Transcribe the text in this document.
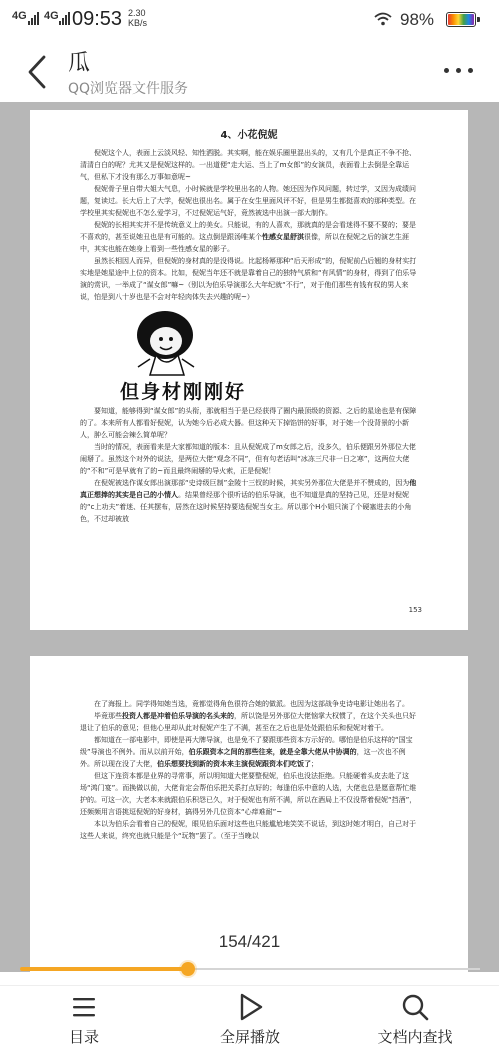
4G 4G 09:53 2.30
KB/s	98%
瓜
QQ浏览器文件服务
4、小花倪妮

倪妮这个人，表面上云淡风轻、知性洒脱。其实啊，能在娱乐圈里混出头的，又有几个是真正不争不抢、清清白白的呢？尤其又是倪妮这样的。一出道便“走大运、当上了m女郎”的女演员，表面看上去倒是全靠运气，但私下才没有那么万事如意呢~

倪妮骨子里自带大姐大气息，小时候就是学校里出名的人物。她还因为作风问题，转过学，又因为成绩问题，复读过。长大后上了大学，倪妮也很出名。属于在女生里面风评不好，但是男生都挺喜欢的那种类型。在学校里其实倪妮也不怎么爱学习，不过倪妮运气好，竟然被选中出演一部大制作。

倪妮的长相其实并不是传统意义上的美女。只能说，有的人喜欢，那就真的是会看迷得不要不要的；要是不喜欢的，甚至说她丑也是有可能的。这点倒是跟汤唯某个性感女星舒淇很像，所以在倪妮之后的演艺生涯中，其实也能在她身上看到一些性感女星的影子。

虽然长相因人而异，但倪妮的身材真的是没得说。比起杨幂那种“后天形成”的，倪妮前凸后翘的身材实打实地是她星途中上位的资本。比如，倪妮当年还不就是靠着自己的独特气质和“有风情”的身材，得到了伯乐导演的赏识，一举成了“谋女郎”嘛~（别以为伯乐导演那么大年纪就“不行”，对于他们那些有钱有权的男人来说，怕是到八十岁也是不会对年轻肉体失去兴趣的呢~）

但身材刚刚好

要知道，能够得到“谋女郎”的头衔，那就相当于是已经获得了圈内最顶级的资源、之后的星途也是有保障的了。本来所有人都看好倪妮，认为她今后必成大器。但这种天下掉馅饼的好事，对于她一个没背景的小新人，肿么可能会辣么简单呢？

当时的情况，表面看来是大家都知道的版本：且从倪妮成了m女郎之后，没多久，伯乐便跟另外那位大佬闹掰了。虽然这个对外的说法，是两位大佬“观念不同”，但有句老话叫“冰冻三尺非一日之寒”，这两位大佬的“不和”可是早就有了的~而且最终闹掰的导火索，正是倪妮！

在倪妮被选作谋女郎出演那部“史诗级巨制”金陵十三钗的时候，其实另外那位大佬是并不赞成的，因为他真正想捧的其实是自己的小情人。结果曾经那个很听话的伯乐导演，也不知道是真的坚持己见，还是对倪妮的“c上功夫”着迷、任其摆布，居然在这时候坚持要选倪妮当女主。所以那个H小姐只演了个硬塞进去的小角色，不过却被放

153

在了海报上。同学得知她当选，竟都觉得角色很符合她的做派。也因为这部战争史诗电影让她出名了。

毕竟那些投资人都是冲着伯乐导演的名头来的，所以饶是另外那位大佬恼掌大权惯了，在这个关头也只好退让了伯乐的意见；但他心里却从此对倪妮产生了不满，甚至在之后也是处处跟伯乐和倪妮对着干。

都知道在一部电影中，即使是再大牌导演，也是免不了要跟那些资本方示好的。哪怕是伯乐这样的“国宝级”导演也不例外。而从以前开始，伯乐跟资本之间的那些往来，就是全靠大佬从中协调的，这一次也不例外。所以现在没了大佬，伯乐想要找到新的资本来主演倪妮跟资本们吃饭了；

但这下连资本都是业界的寻常事，所以明知道大佬要整倪妮，伯乐也没法拒绝。只能硬着头皮去赴了这场“鸿门宴”。而换做以前，大佬肯定会帮伯乐把关系打点好的；每逢伯乐中意的人选，大佬也总是愿意帮忙维护的。可这一次，大老本来就跟伯乐积怨已久，对于倪妮也有所不满，所以在酒局上不仅没帮着倪妮“挡酒”，还频频用言语挑逗倪妮的好身材，搞得另外几位资本“心痒难耐”~

本以为伯乐会看着自己的倪妮，眼见伯乐面对这些也只能尴尬地笑笑不说话，到这时她才明白，自己对于这些人来说，终究也就只能是个“玩物”罢了。（至于当晚以

154/421
目录	全屏播放	文档内查找
